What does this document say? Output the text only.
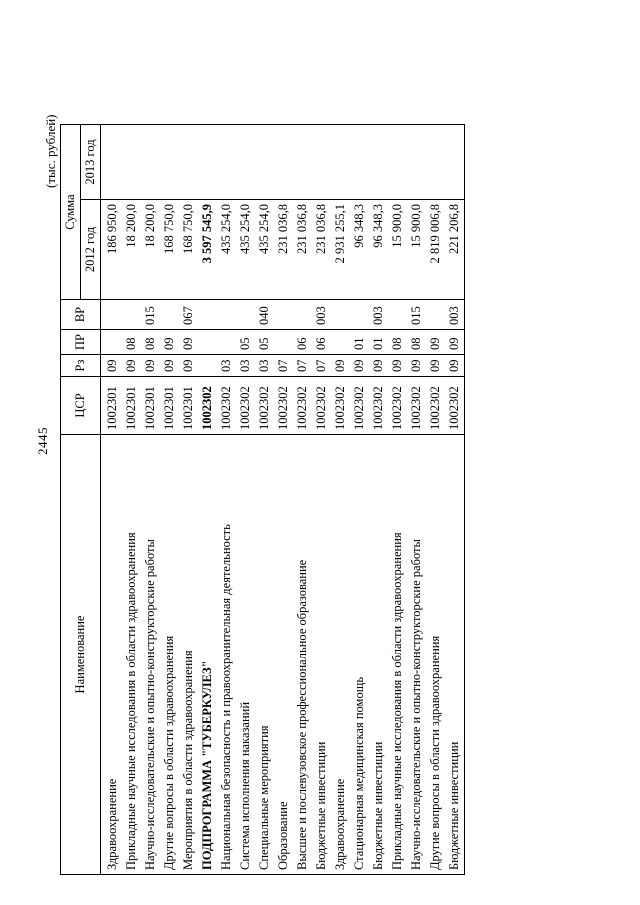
2445
(тыс. рублей)
Наименование	ЦСР	Рз	ПР	ВР	Сумма	
					2012 год	2013 год
Здравоохранение	1002301	09			186 950,0	
Прикладные научные исследования в области здравоохранения	1002301	09	08		18 200,0	
Научно-исследовательские и опытно-конструкторские работы	1002301	09	08	015	18 200,0	
Другие вопросы в области здравоохранения	1002301	09	09		168 750,0	
Мероприятия в области здравоохранения	1002301	09	09	067	168 750,0	
ПОДПРОГРАММА "ТУБЕРКУЛЕЗ"	1002302				3 597 545,9	
Национальная безопасность и правоохранительная деятельность	1002302	03			435 254,0	
Система исполнения наказаний	1002302	03	05		435 254,0	
Специальные мероприятия	1002302	03	05	040	435 254,0	
Образование	1002302	07			231 036,8	
Высшее и послевузовское профессиональное образование	1002302	07	06		231 036,8	
Бюджетные инвестиции	1002302	07	06	003	231 036,8	
Здравоохранение	1002302	09			2 931 255,1	
Стационарная медицинская помощь	1002302	09	01		96 348,3	
Бюджетные инвестиции	1002302	09	01	003	96 348,3	
Прикладные научные исследования в области здравоохранения	1002302	09	08		15 900,0	
Научно-исследовательские и опытно-конструкторские работы	1002302	09	08	015	15 900,0	
Другие вопросы в области здравоохранения	1002302	09	09		2 819 006,8	
Бюджетные инвестиции	1002302	09	09	003	221 206,8	
